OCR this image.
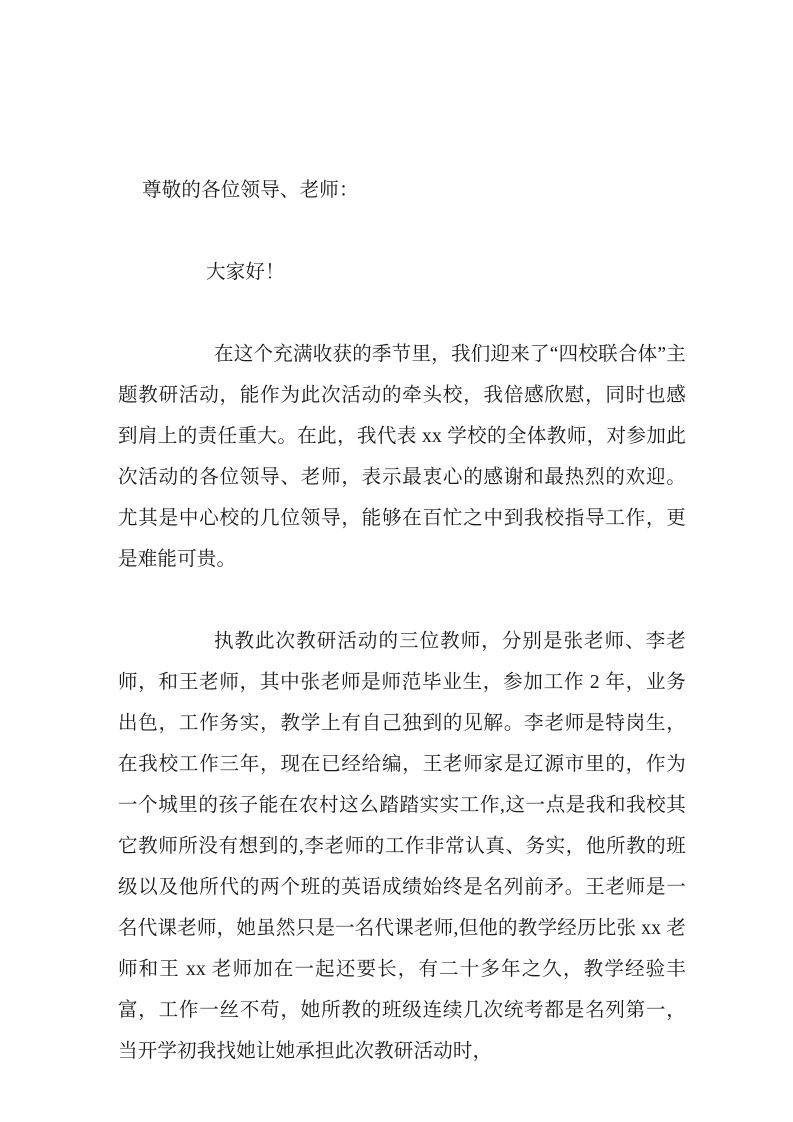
尊敬的各位领导、老师：

大家好！

在这个充满收获的季节里，我们迎来了“四校联合体”主题教研活动，能作为此次活动的牵头校，我倍感欣慰，同时也感到肩上的责任重大。在此，我代表 xx 学校的全体教师，对参加此次活动的各位领导、老师，表示最衷心的感谢和最热烈的欢迎。尤其是中心校的几位领导，能够在百忙之中到我校指导工作，更是难能可贵。

执教此次教研活动的三位教师，分别是张老师、李老师，和王老师，其中张老师是师范毕业生，参加工作 2 年，业务出色，工作务实，教学上有自己独到的见解。李老师是特岗生，在我校工作三年，现在已经给编，王老师家是辽源市里的，作为一个城里的孩子能在农村这么踏踏实实工作,这一点是我和我校其它教师所没有想到的,李老师的工作非常认真、务实，他所教的班级以及他所代的两个班的英语成绩始终是名列前矛。王老师是一名代课老师，她虽然只是一名代课老师,但他的教学经历比张 xx 老师和王 xx 老师加在一起还要长，有二十多年之久，教学经验丰富，工作一丝不苟，她所教的班级连续几次统考都是名列第一，当开学初我找她让她承担此次教研活动时，
